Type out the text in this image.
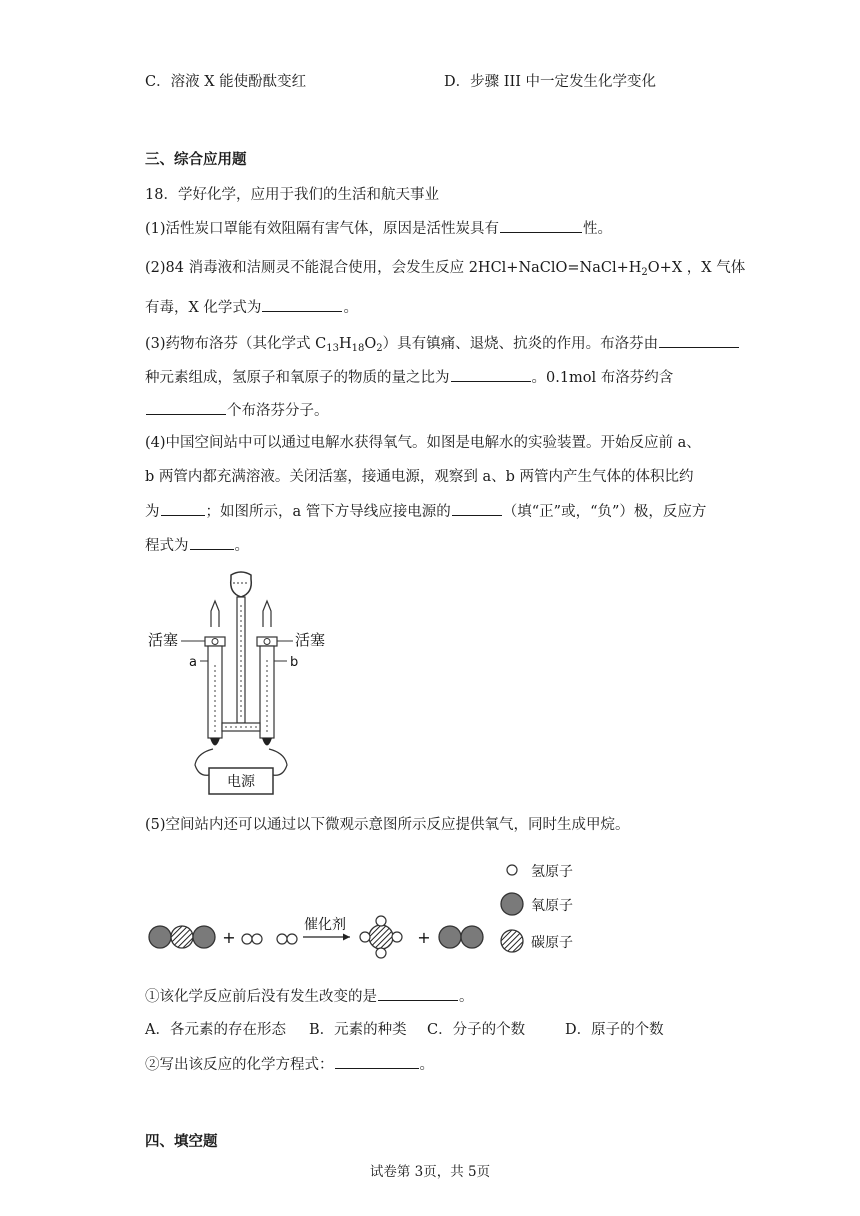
C．溶液 X 能使酚酞变红	D．步骤 III 中一定发生化学变化
三、综合应用题
18．学好化学，应用于我们的生活和航天事业
(1)活性炭口罩能有效阻隔有害气体，原因是活性炭具有	性。
(2)84 消毒液和洁厕灵不能混合使用，会发生反应 $2HCl+NaClO=NaCl+H_2O+X$ ，X 气体
有毒，X 化学式为	。
(3)药物布洛芬（其化学式 $C_{13}H_{18}O_2$）具有镇痛、退烧、抗炎的作用。布洛芬由
种元素组成，氢原子和氧原子的物质的量之比为	。0.1mol 布洛芬约含
个布洛芬分子。
(4)中国空间站中可以通过电解水获得氧气。如图是电解水的实验装置。开始反应前 a、
b 两管内都充满溶液。关闭活塞，接通电源，观察到 a、b 两管内产生气体的体积比约
为	；如图所示，a 管下方导线应接电源的	（填“正”或，“负”）极，反应方
程式为	。
电源
活塞
a
活塞
b
(5)空间站内还可以通过以下微观示意图所示反应提供氧气，同时生成甲烷。
+
催化剂
+
氢原子
氧原子
碳原子
①该化学反应前后没有发生改变的是	。
A．各元素的存在形态 B．元素的种类 C．分子的个数	D．原子的个数
②写出该反应的化学方程式：	。
四、填空题
试卷第 3页，共 5页
